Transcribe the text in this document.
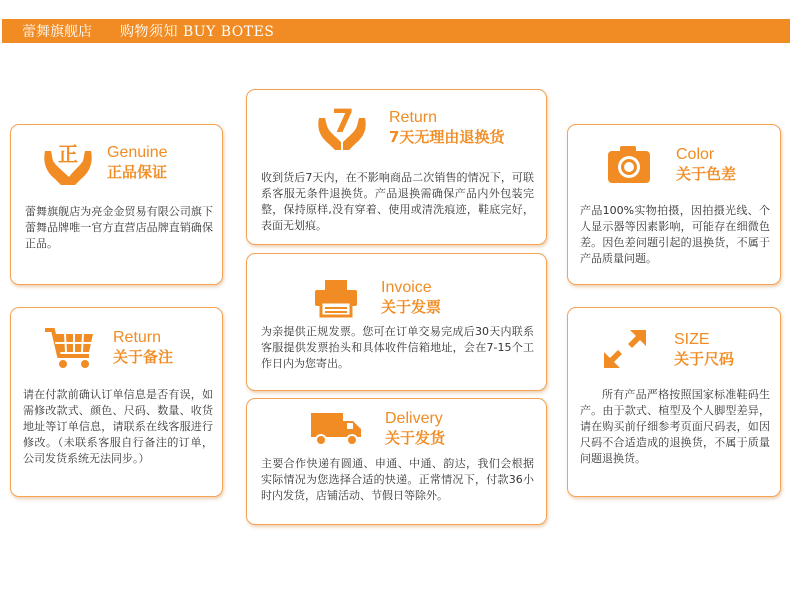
蕾舞旗舰店 购物须知 BUY BOTES
正 Genuine
正品保证
蕾舞旗舰店为亮金金贸易有限公司旗下蕾舞品牌唯一官方直营店品牌直销确保正品。
7 Return
7天无理由退换货
收到货后7天内，在不影响商品二次销售的情况下，可联系客服无条件退换货。产品退换需确保产品内外包装完整，保持原样,没有穿着、使用或清洗痕迹，鞋底完好，表面无划痕。
Color
关于色差
产品100%实物拍摄，因拍摄光线、个人显示器等因素影响，可能存在细微色差。因色差问题引起的退换货，不属于产品质量问题。
Invoice
关于发票
为亲提供正规发票。您可在订单交易完成后30天内联系客服提供发票抬头和具体收件信箱地址，会在7-15个工作日内为您寄出。
Return
关于备注
请在付款前确认订单信息是否有误，如需修改款式、颜色、尺码、数量、收货地址等订单信息，请联系在线客服进行修改。（未联系客服自行备注的订单，公司发货系统无法同步。）
SIZE
关于尺码
所有产品严格按照国家标准鞋码生产。由于款式、楦型及个人脚型差异，请在购买前仔细参考页面尺码表，如因尺码不合适造成的退换货，不属于质量问题退换货。
Delivery
关于发货
主要合作快递有圆通、申通、中通、韵达，我们会根据实际情况为您选择合适的快递。正常情况下，付款36小时内发货，店铺活动、节假日等除外。
